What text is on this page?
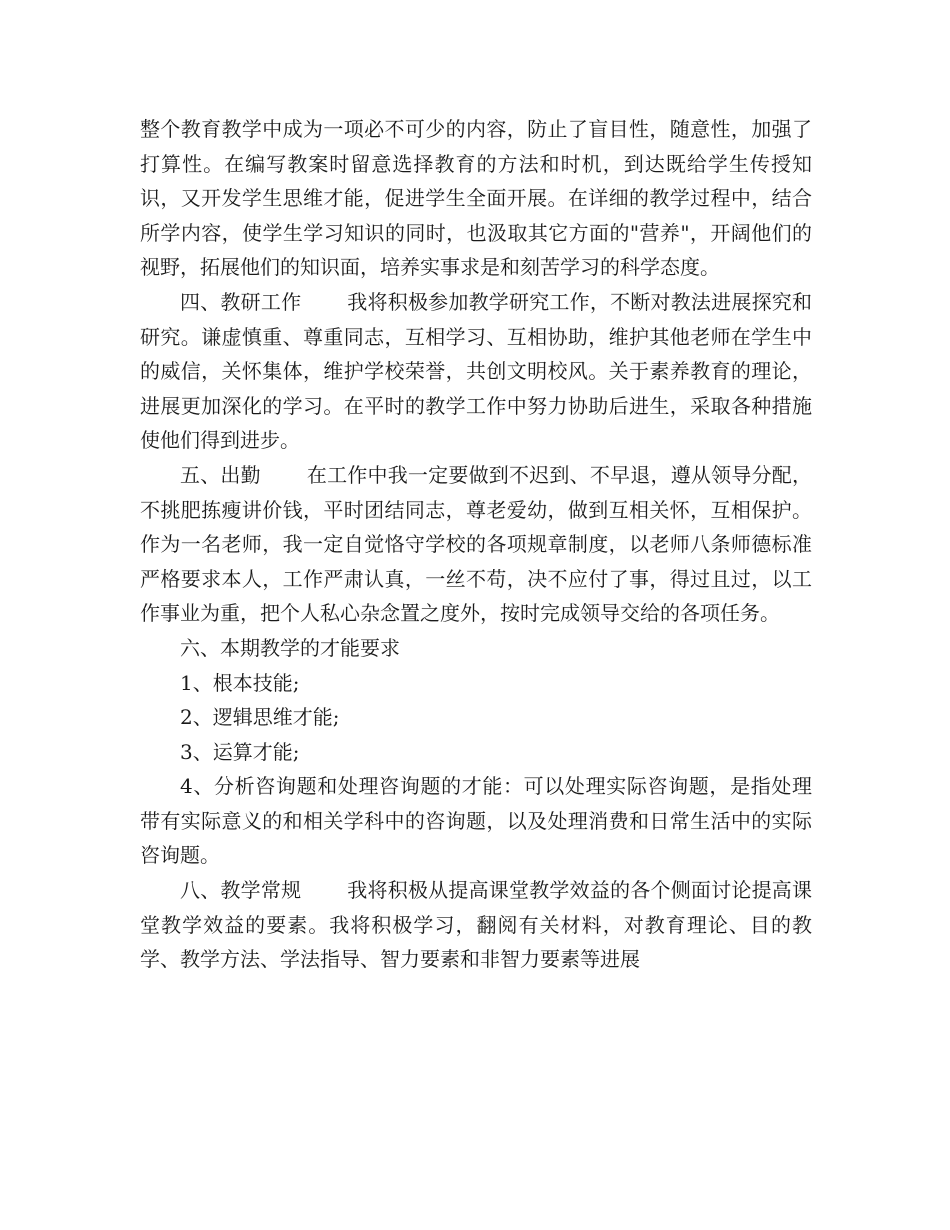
整个教育教学中成为一项必不可少的内容，防止了盲目性，随意性，加强了打算性。在编写教案时留意选择教育的方法和时机，到达既给学生传授知识，又开发学生思维才能，促进学生全面开展。在详细的教学过程中，结合所学内容，使学生学习知识的同时，也汲取其它方面的"营养"，开阔他们的视野，拓展他们的知识面，培养实事求是和刻苦学习的科学态度。

四、教研工作 我将积极参加教学研究工作，不断对教法进展探究和研究。谦虚慎重、尊重同志，互相学习、互相协助，维护其他老师在学生中的威信，关怀集体，维护学校荣誉，共创文明校风。关于素养教育的理论，进展更加深化的学习。在平时的教学工作中努力协助后进生，采取各种措施使他们得到进步。

五、出勤 在工作中我一定要做到不迟到、不早退，遵从领导分配，不挑肥拣瘦讲价钱，平时团结同志，尊老爱幼，做到互相关怀，互相保护。作为一名老师，我一定自觉恪守学校的各项规章制度，以老师八条师德标准严格要求本人，工作严肃认真，一丝不苟，决不应付了事，得过且过，以工作事业为重，把个人私心杂念置之度外，按时完成领导交给的各项任务。

六、本期教学的才能要求

1、根本技能;

2、逻辑思维才能;

3、运算才能;

4、分析咨询题和处理咨询题的才能：可以处理实际咨询题，是指处理带有实际意义的和相关学科中的咨询题，以及处理消费和日常生活中的实际咨询题。

八、教学常规 我将积极从提高课堂教学效益的各个侧面讨论提高课堂教学效益的要素。我将积极学习，翻阅有关材料，对教育理论、目的教学、教学方法、学法指导、智力要素和非智力要素等进展
